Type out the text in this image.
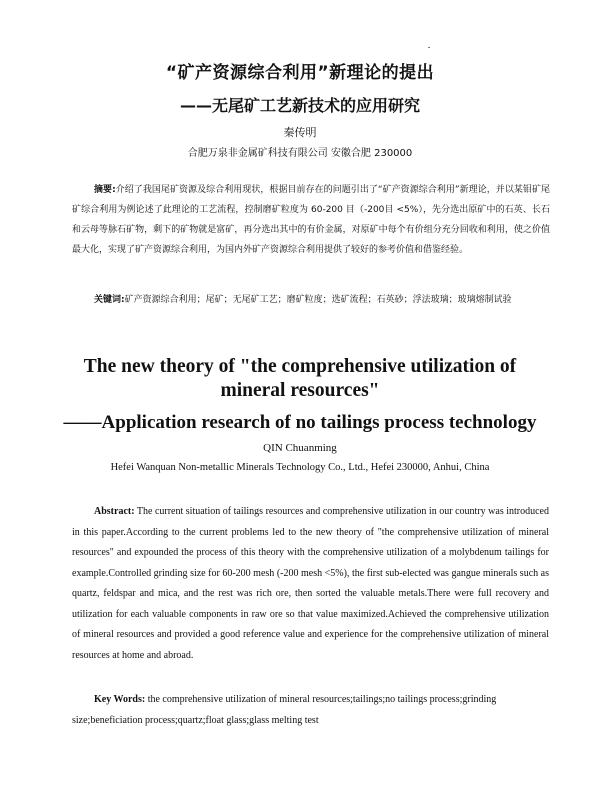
“矿产资源综合利用”新理论的提出
——无尾矿工艺新技术的应用研究
秦传明
合肥万泉非金属矿科技有限公司 安徽合肥 230000
摘要:介绍了我国尾矿资源及综合利用现状，根据目前存在的问题引出了“矿产资源综合利用”新理论，并以某钼矿尾矿综合利用为例论述了此理论的工艺流程，控制磨矿粒度为 60-200 目（-200目 <5%），先分选出原矿中的石英、长石和云母等脉石矿物，剩下的矿物就是富矿，再分选出其中的有价金属，对原矿中每个有价组分充分回收和利用，使之价值最大化，实现了矿产资源综合利用，为国内外矿产资源综合利用提供了较好的参考价值和借鉴经验。
关键词:矿产资源综合利用；尾矿；无尾矿工艺；磨矿粒度；选矿流程；石英砂；浮法玻璃；玻璃熔制试验
The new theory of "the comprehensive utilization of
mineral resources"
——Application research of no tailings process technology
QIN Chuanming
Hefei Wanquan Non-metallic Minerals Technology Co., Ltd., Hefei 230000, Anhui, China
Abstract: The current situation of tailings resources and comprehensive utilization in our country was introduced in this paper.According to the current problems led to the new theory of "the comprehensive utilization of mineral resources" and expounded the process of this theory with the comprehensive utilization of a molybdenum tailings for example.Controlled grinding size for 60-200 mesh (-200 mesh <5%), the first sub-elected was gangue minerals such as quartz, feldspar and mica, and the rest was rich ore, then sorted the valuable metals.There were full recovery and utilization for each valuable components in raw ore so that value maximized.Achieved the comprehensive utilization of mineral resources and provided a good reference value and experience for the comprehensive utilization of mineral resources at home and abroad.
Key Words: the comprehensive utilization of mineral resources;tailings;no tailings process;grinding size;beneficiation process;quartz;float glass;glass melting test
